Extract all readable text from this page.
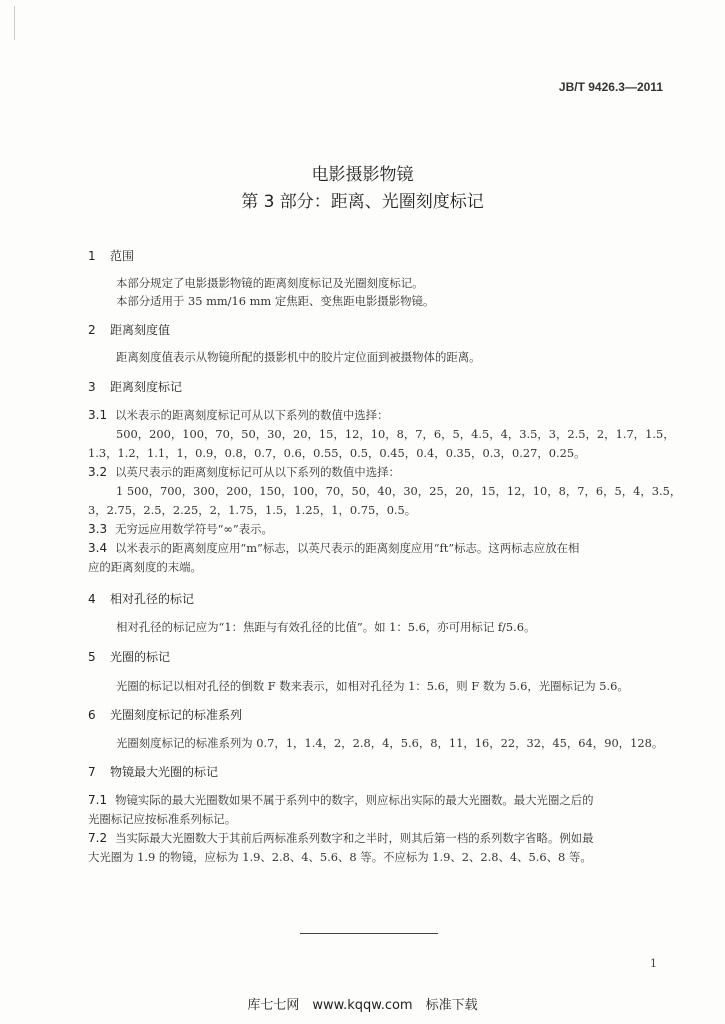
JB/T 9426.3—2011
电影摄影物镜
第 3 部分：距离、光圈刻度标记
1 范围
本部分规定了电影摄影物镜的距离刻度标记及光圈刻度标记。
本部分适用于 35 mm/16 mm 定焦距、变焦距电影摄影物镜。
2 距离刻度值
距离刻度值表示从物镜所配的摄影机中的胶片定位面到被摄物体的距离。
3 距离刻度标记
3.1 以米表示的距离刻度标记可从以下系列的数值中选择：
500，200，100，70，50，30，20，15，12，10，8，7，6，5，4.5，4，3.5，3，2.5，2，1.7，1.5，
1.3，1.2，1.1，1，0.9，0.8，0.7，0.6，0.55，0.5，0.45，0.4，0.35，0.3，0.27，0.25。
3.2 以英尺表示的距离刻度标记可从以下系列的数值中选择：
1 500，700，300，200，150，100，70，50，40，30，25，20，15，12，10，8，7，6，5，4，3.5，
3，2.75，2.5，2.25，2，1.75，1.5，1.25，1，0.75，0.5。
3.3 无穷远应用数学符号“∞”表示。
3.4 以米表示的距离刻度应用“m”标志，以英尺表示的距离刻度应用“ft”标志。这两标志应放在相
应的距离刻度的末端。
4 相对孔径的标记
相对孔径的标记应为“1：焦距与有效孔径的比值”。如 1：5.6，亦可用标记 f/5.6。
5 光圈的标记
光圈的标记以相对孔径的倒数 F 数来表示，如相对孔径为 1：5.6，则 F 数为 5.6，光圈标记为 5.6。
6 光圈刻度标记的标准系列
光圈刻度标记的标准系列为 0.7，1，1.4，2，2.8，4，5.6，8，11，16，22，32，45，64，90，128。
7 物镜最大光圈的标记
7.1 物镜实际的最大光圈数如果不属于系列中的数字，则应标出实际的最大光圈数。最大光圈之后的
光圈标记应按标准系列标记。
7.2 当实际最大光圈数大于其前后两标准系列数字和之半时，则其后第一档的系列数字省略。例如最
大光圈为 1.9 的物镜，应标为 1.9、2.8、4、5.6、8 等。不应标为 1.9、2、2.8、4、5.6、8 等。
1
库七七网　www.kqqw.com　标准下载
